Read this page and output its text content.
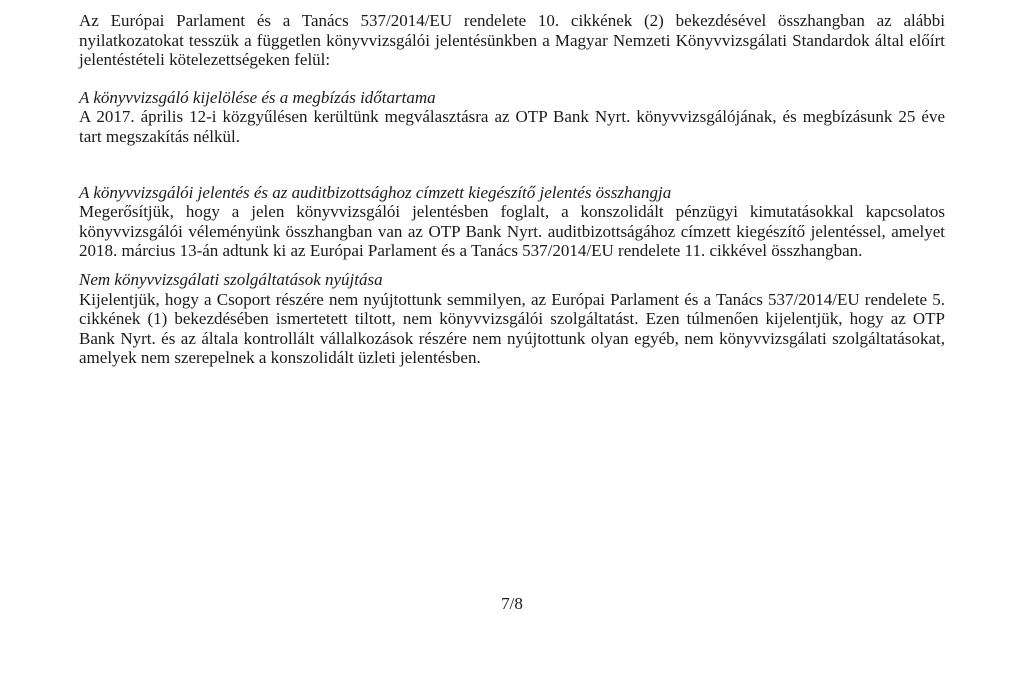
Az Európai Parlament és a Tanács 537/2014/EU rendelete 10. cikkének (2) bekezdésével összhangban az alábbi nyilatkozatokat tesszük a független könyvvizsgálói jelentésünkben a Magyar Nemzeti Könyvvizsgálati Standardok által előírt jelentéstételi kötelezettségeken felül:

A könyvvizsgáló kijelölése és a megbízás időtartama

A 2017. április 12-i közgyűlésen kerültünk megválasztásra az OTP Bank Nyrt. könyvvizsgálójának, és megbízásunk 25 éve tart megszakítás nélkül.

A könyvvizsgálói jelentés és az auditbizottsághoz címzett kiegészítő jelentés összhangja

Megerősítjük, hogy a jelen könyvvizsgálói jelentésben foglalt, a konszolidált pénzügyi kimutatásokkal kapcsolatos könyvvizsgálói véleményünk összhangban van az OTP Bank Nyrt. auditbizottságához címzett kiegészítő jelentéssel, amelyet 2018. március 13-án adtunk ki az Európai Parlament és a Tanács 537/2014/EU rendelete 11. cikkével összhangban.

Nem könyvvizsgálati szolgáltatások nyújtása

Kijelentjük, hogy a Csoport részére nem nyújtottunk semmilyen, az Európai Parlament és a Tanács 537/2014/EU rendelete 5. cikkének (1) bekezdésében ismertetett tiltott, nem könyvvizsgálói szolgáltatást. Ezen túlmenően kijelentjük, hogy az OTP Bank Nyrt. és az általa kontrollált vállalkozások részére nem nyújtottunk olyan egyéb, nem könyvvizsgálati szolgáltatásokat, amelyek nem szerepelnek a konszolidált üzleti jelentésben.

7/8
